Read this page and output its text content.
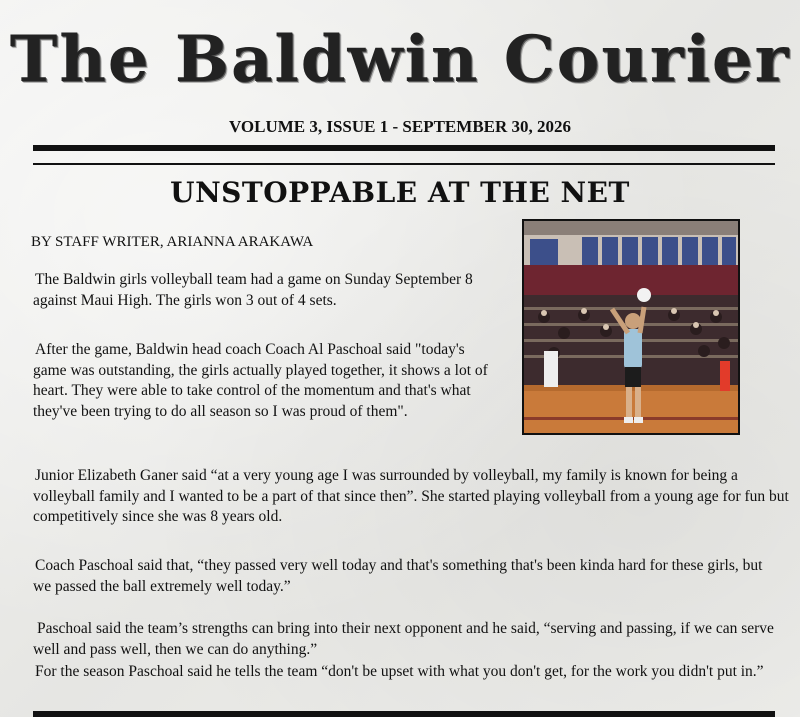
The Baldwin Courier
VOLUME 3, ISSUE 1 - SEPTEMBER 30, 2026
UNSTOPPABLE AT THE NET
BY STAFF WRITER, ARIANNA ARAKAWA

The Baldwin girls volleyball team had a game on Sunday September 8 against Maui High. The girls won 3 out of 4 sets.

After the game, Baldwin head coach Coach Al Paschoal said "today's game was outstanding, the girls actually played together, it shows a lot of heart. They were able to take control of the momentum and that's what they've been trying to do all season so I was proud of them".

Junior Elizabeth Ganer said “at a very young age I was surrounded by volleyball, my family is known for being a volleyball family and I wanted to be a part of that since then”. She started playing volleyball from a young age for fun but competitively since she was 8 years old.

Coach Paschoal said that, “they passed very well today and that's something that's been kinda hard for these girls, but we passed the ball extremely well today.”

Paschoal said the team’s strengths can bring into their next opponent and he said, “serving and passing, if we can serve well and pass well, then we can do anything.”

For the season Paschoal said he tells the team “don't be upset with what you don't get, for the work you didn't put in.”
